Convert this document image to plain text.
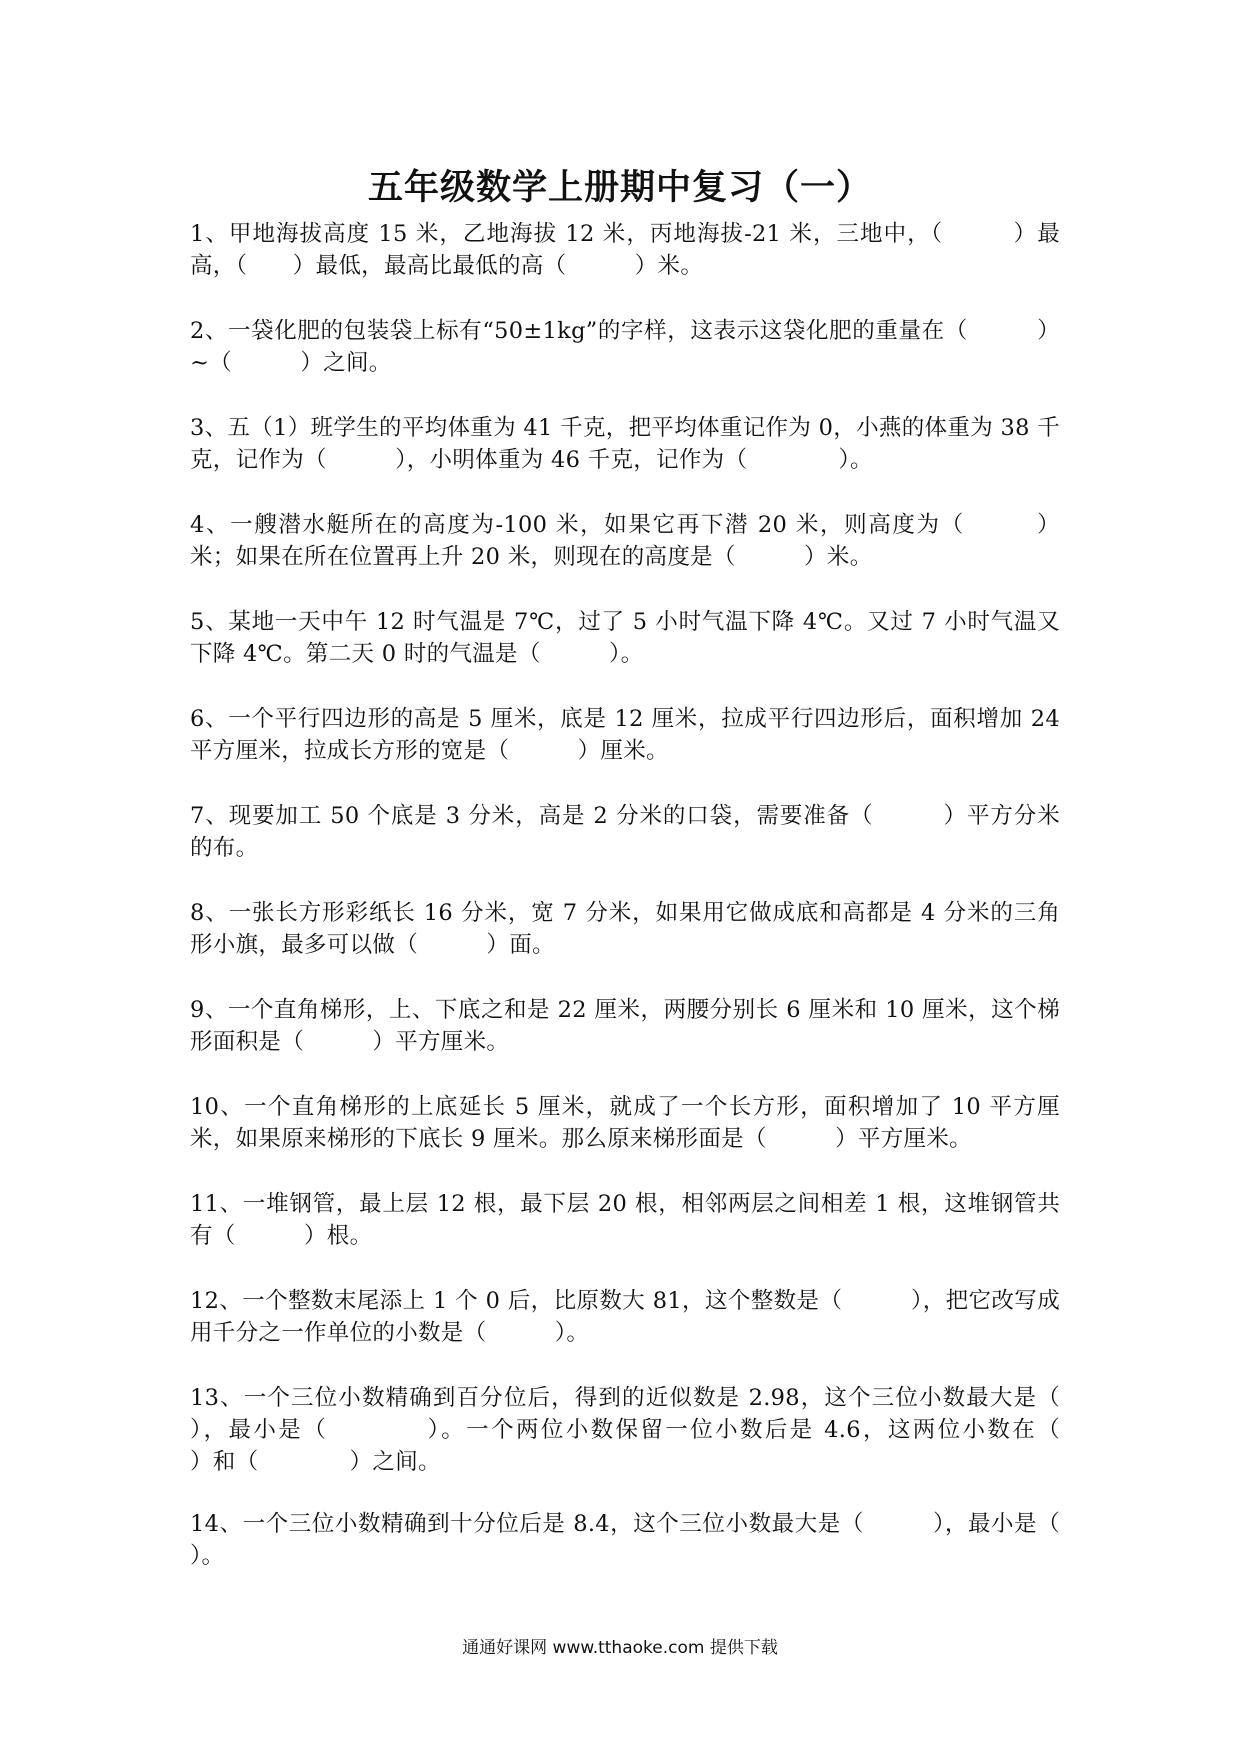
五年级数学上册期中复习（一）
1、甲地海拔高度 15 米，乙地海拔 12 米，丙地海拔-21 米，三地中，（　　　）最高，（　　）最低，最高比最低的高（　　　）米。
2、一袋化肥的包装袋上标有“50±1kg”的字样，这表示这袋化肥的重量在（　　　）~（　　　）之间。
3、五（1）班学生的平均体重为 41 千克，把平均体重记作为 0，小燕的体重为 38 千克，记作为（　　　），小明体重为 46 千克，记作为（　　　　）。
4、一艘潜水艇所在的高度为-100 米，如果它再下潜 20 米，则高度为（　　　）米；如果在所在位置再上升 20 米，则现在的高度是（　　　）米。
5、某地一天中午 12 时气温是 7℃，过了 5 小时气温下降 4℃。又过 7 小时气温又下降 4℃。第二天 0 时的气温是（　　　）。
6、一个平行四边形的高是 5 厘米，底是 12 厘米，拉成平行四边形后，面积增加 24 平方厘米，拉成长方形的宽是（　　　）厘米。
7、现要加工 50 个底是 3 分米，高是 2 分米的口袋，需要准备（　　　）平方分米的布。
8、一张长方形彩纸长 16 分米，宽 7 分米，如果用它做成底和高都是 4 分米的三角形小旗，最多可以做（　　　）面。
9、一个直角梯形，上、下底之和是 22 厘米，两腰分别长 6 厘米和 10 厘米，这个梯形面积是（　　　）平方厘米。
10、一个直角梯形的上底延长 5 厘米，就成了一个长方形，面积增加了 10 平方厘米，如果原来梯形的下底长 9 厘米。那么原来梯形面是（　　　）平方厘米。
11、一堆钢管，最上层 12 根，最下层 20 根，相邻两层之间相差 1 根，这堆钢管共有（　　　）根。
12、一个整数末尾添上 1 个 0 后，比原数大 81，这个整数是（　　　），把它改写成用千分之一作单位的小数是（　　　）。
13、一个三位小数精确到百分位后，得到的近似数是 2.98，这个三位小数最大是（　　　），最小是（　　　　）。一个两位小数保留一位小数后是 4.6，这两位小数在（　　　　）和（　　　　）之间。
14、一个三位小数精确到十分位后是 8.4，这个三位小数最大是（　　　），最小是（　　　）。
通通好课网 www.tthaoke.com 提供下载
